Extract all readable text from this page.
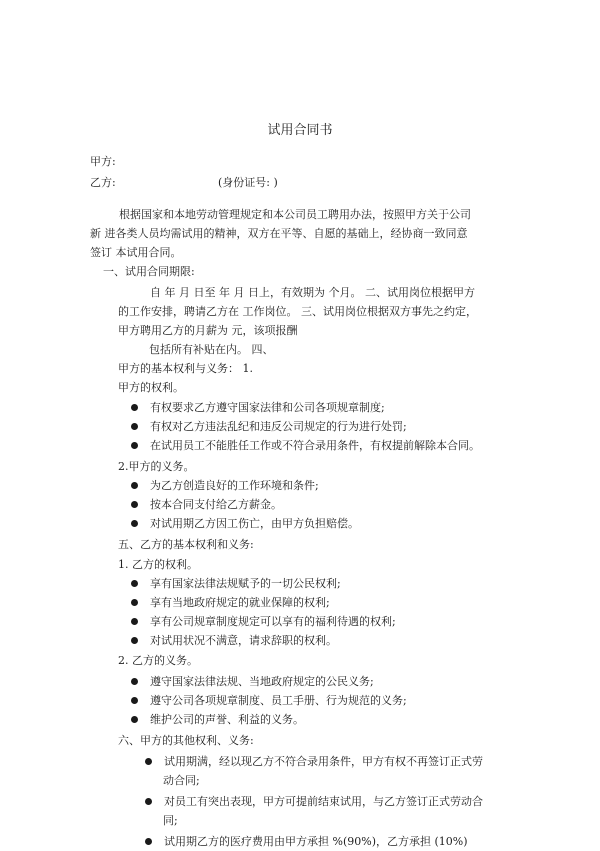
试用合同书
甲方:
乙方:	(身份证号: )
根据国家和本地劳动管理规定和本公司员工聘用办法，按照甲方关于公司
新 进各类人员均需试用的精神，双方在平等、自愿的基础上，经协商一致同意
签订 本试用合同。
一、试用合同期限:
自 年 月 日至 年 月 日上，有效期为 个月。 二、试用岗位根据甲方
的工作安排，聘请乙方在 工作岗位。 三、试用岗位根据双方事先之约定，
甲方聘用乙方的月薪为 元，该项报酬
包括所有补贴在内。 四、
甲方的基本权利与义务： 1.
甲方的权利。
有权要求乙方遵守国家法律和公司各项规章制度;
有权对乙方违法乱纪和违反公司规定的行为进行处罚;
在试用员工不能胜任工作或不符合录用条件，有权提前解除本合同。
2.甲方的义务。
为乙方创造良好的工作环境和条件;
按本合同支付给乙方薪金。
对试用期乙方因工伤亡，由甲方负担赔偿。
五、乙方的基本权利和义务:
1. 乙方的权利。
享有国家法律法规赋予的一切公民权利;
享有当地政府规定的就业保障的权利;
享有公司规章制度规定可以享有的福利待遇的权利;
对试用状况不满意，请求辞职的权利。
2. 乙方的义务。
遵守国家法律法规、当地政府规定的公民义务;
遵守公司各项规章制度、员工手册、行为规范的义务;
维护公司的声誉、利益的义务。
六、甲方的其他权利、义务:
试用期满，经以现乙方不符合录用条件，甲方有权不再签订正式劳
动合同;
对员工有突出表现，甲方可提前结束试用，与乙方签订正式劳动合
同;
试用期乙方的医疗费用由甲方承担 %(90%)，乙方承担 (10%)
